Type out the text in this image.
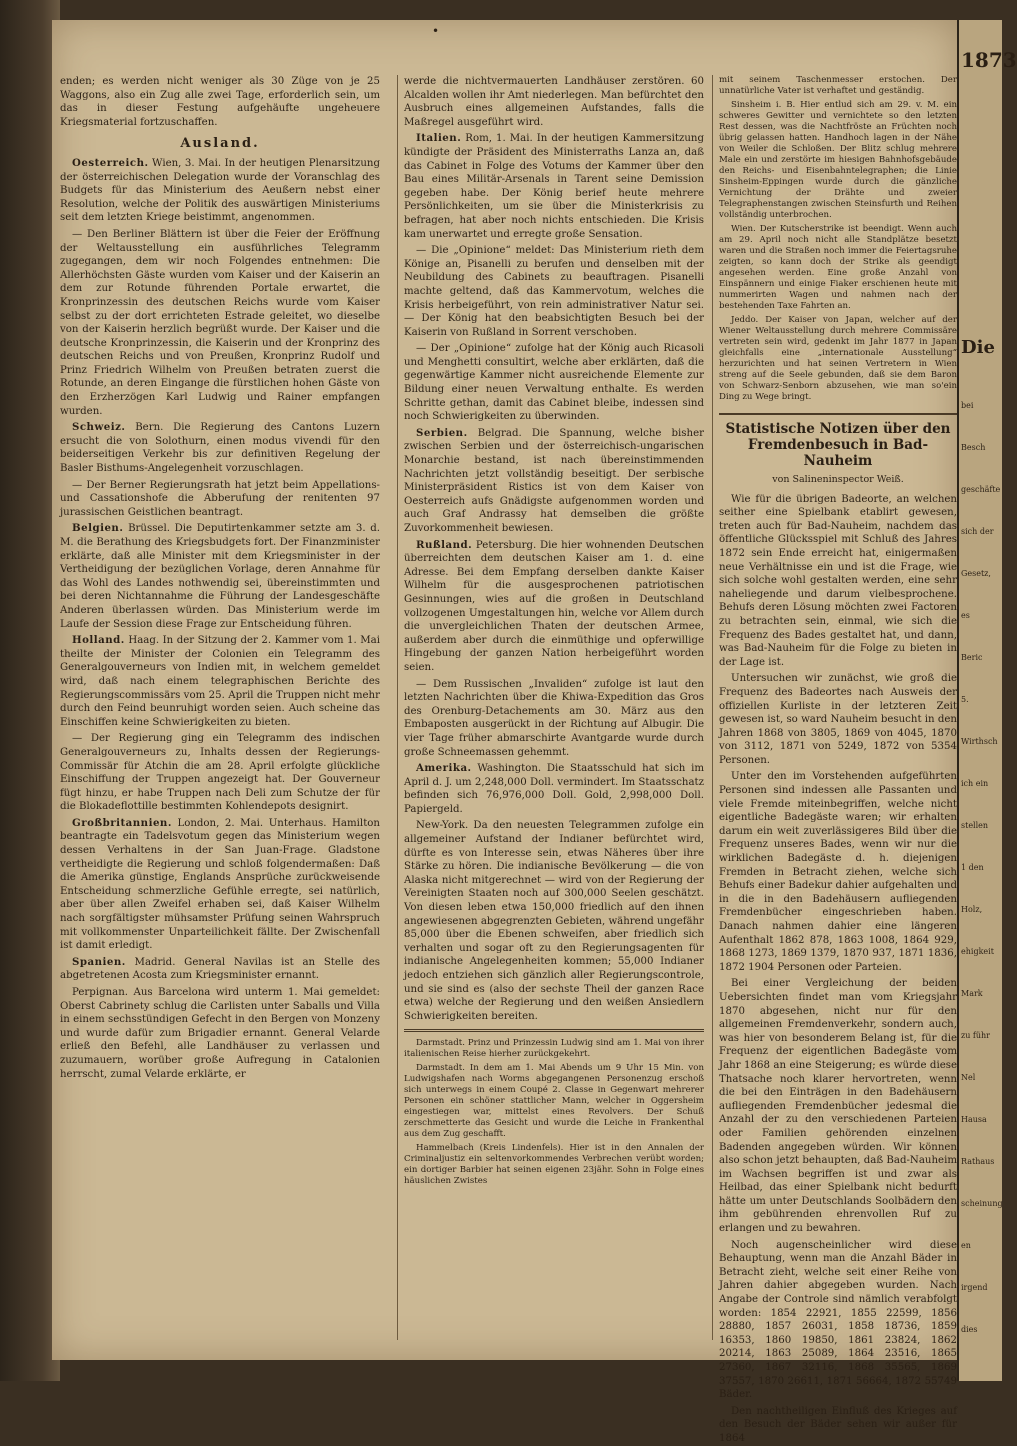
•

enden; es werden nicht weniger als 30 Züge von je 25 Waggons, also ein Zug alle zwei Tage, erforderlich sein, um das in dieser Festung aufgehäufte ungeheuere Kriegsmaterial fortzuschaffen.

Ausland.

Oesterreich. Wien, 3. Mai. In der heutigen Plenarsitzung der österreichischen Delegation wurde der Voranschlag des Budgets für das Ministerium des Aeußern nebst einer Resolution, welche der Politik des auswärtigen Ministeriums seit dem letzten Kriege beistimmt, angenommen.

— Den Berliner Blättern ist über die Feier der Eröffnung der Weltausstellung ein ausführliches Telegramm zugegangen, dem wir noch Folgendes entnehmen: Die Allerhöchsten Gäste wurden vom Kaiser und der Kaiserin an dem zur Rotunde führenden Portale erwartet, die Kronprinzessin des deutschen Reichs wurde vom Kaiser selbst zu der dort errichteten Estrade geleitet, wo dieselbe von der Kaiserin herzlich begrüßt wurde. Der Kaiser und die deutsche Kronprinzessin, die Kaiserin und der Kronprinz des deutschen Reichs und von Preußen, Kronprinz Rudolf und Prinz Friedrich Wilhelm von Preußen betraten zuerst die Rotunde, an deren Eingange die fürstlichen hohen Gäste von den Erzherzögen Karl Ludwig und Rainer empfangen wurden.

Schweiz. Bern. Die Regierung des Cantons Luzern ersucht die von Solothurn, einen modus vivendi für den beiderseitigen Verkehr bis zur definitiven Regelung der Basler Bisthums-Angelegenheit vorzuschlagen.

— Der Berner Regierungsrath hat jetzt beim Appellations- und Cassationshofe die Abberufung der renitenten 97 jurassischen Geistlichen beantragt.

Belgien. Brüssel. Die Deputirtenkammer setzte am 3. d. M. die Berathung des Kriegsbudgets fort. Der Finanzminister erklärte, daß alle Minister mit dem Kriegsminister in der Vertheidigung der bezüglichen Vorlage, deren Annahme für das Wohl des Landes nothwendig sei, übereinstimmten und bei deren Nichtannahme die Führung der Landesgeschäfte Anderen überlassen würden. Das Ministerium werde im Laufe der Session diese Frage zur Entscheidung führen.

Holland. Haag. In der Sitzung der 2. Kammer vom 1. Mai theilte der Minister der Colonien ein Telegramm des Generalgouverneurs von Indien mit, in welchem gemeldet wird, daß nach einem telegraphischen Berichte des Regierungscommissärs vom 25. April die Truppen nicht mehr durch den Feind beunruhigt worden seien. Auch scheine das Einschiffen keine Schwierigkeiten zu bieten.

— Der Regierung ging ein Telegramm des indischen Generalgouverneurs zu, Inhalts dessen der Regierungs-Commissär für Atchin die am 28. April erfolgte glückliche Einschiffung der Truppen angezeigt hat. Der Gouverneur fügt hinzu, er habe Truppen nach Deli zum Schutze der für die Blokadeflottille bestimmten Kohlendepots designirt.

Großbritannien. London, 2. Mai. Unterhaus. Hamilton beantragte ein Tadelsvotum gegen das Ministerium wegen dessen Verhaltens in der San Juan-Frage. Gladstone vertheidigte die Regierung und schloß folgendermaßen: Daß die Amerika günstige, Englands Ansprüche zurückweisende Entscheidung schmerzliche Gefühle erregte, sei natürlich, aber über allen Zweifel erhaben sei, daß Kaiser Wilhelm nach sorgfältigster mühsamster Prüfung seinen Wahrspruch mit vollkommenster Unparteilichkeit fällte. Der Zwischenfall ist damit erledigt.

Spanien. Madrid. General Navilas ist an Stelle des abgetretenen Acosta zum Kriegsminister ernannt.

Perpignan. Aus Barcelona wird unterm 1. Mai gemeldet: Oberst Cabrinety schlug die Carlisten unter Saballs und Villa in einem sechsstündigen Gefecht in den Bergen von Monzeny und wurde dafür zum Brigadier ernannt. General Velarde erließ den Befehl, alle Landhäuser zu verlassen und zuzumauern, worüber große Aufregung in Catalonien herrscht, zumal Velarde erklärte, er

werde die nichtvermauerten Landhäuser zerstören. 60 Alcalden wollen ihr Amt niederlegen. Man befürchtet den Ausbruch eines allgemeinen Aufstandes, falls die Maßregel ausgeführt wird.

Italien. Rom, 1. Mai. In der heutigen Kammersitzung kündigte der Präsident des Ministerraths Lanza an, daß das Cabinet in Folge des Votums der Kammer über den Bau eines Militär-Arsenals in Tarent seine Demission gegeben habe. Der König berief heute mehrere Persönlichkeiten, um sie über die Ministerkrisis zu befragen, hat aber noch nichts entschieden. Die Krisis kam unerwartet und erregte große Sensation.

— Die „Opinione“ meldet: Das Ministerium rieth dem Könige an, Pisanelli zu berufen und denselben mit der Neubildung des Cabinets zu beauftragen. Pisanelli machte geltend, daß das Kammervotum, welches die Krisis herbeigeführt, von rein administrativer Natur sei. — Der König hat den beabsichtigten Besuch bei der Kaiserin von Rußland in Sorrent verschoben.

— Der „Opinione“ zufolge hat der König auch Ricasoli und Menghetti consultirt, welche aber erklärten, daß die gegenwärtige Kammer nicht ausreichende Elemente zur Bildung einer neuen Verwaltung enthalte. Es werden Schritte gethan, damit das Cabinet bleibe, indessen sind noch Schwierigkeiten zu überwinden.

Serbien. Belgrad. Die Spannung, welche bisher zwischen Serbien und der österreichisch-ungarischen Monarchie bestand, ist nach übereinstimmenden Nachrichten jetzt vollständig beseitigt. Der serbische Ministerpräsident Ristics ist von dem Kaiser von Oesterreich aufs Gnädigste aufgenommen worden und auch Graf Andrassy hat demselben die größte Zuvorkommenheit bewiesen.

Rußland. Petersburg. Die hier wohnenden Deutschen überreichten dem deutschen Kaiser am 1. d. eine Adresse. Bei dem Empfang derselben dankte Kaiser Wilhelm für die ausgesprochenen patriotischen Gesinnungen, wies auf die großen in Deutschland vollzogenen Umgestaltungen hin, welche vor Allem durch die unvergleichlichen Thaten der deutschen Armee, außerdem aber durch die einmüthige und opferwillige Hingebung der ganzen Nation herbeigeführt worden seien.

— Dem Russischen „Invaliden“ zufolge ist laut den letzten Nachrichten über die Khiwa-Expedition das Gros des Orenburg-Detachements am 30. März aus den Embaposten ausgerückt in der Richtung auf Albugir. Die vier Tage früher abmarschirte Avantgarde wurde durch große Schneemassen gehemmt.

Amerika. Washington. Die Staatsschuld hat sich im April d. J. um 2,248,000 Doll. vermindert. Im Staatsschatz befinden sich 76,976,000 Doll. Gold, 2,998,000 Doll. Papiergeld.

New-York. Da den neuesten Telegrammen zufolge ein allgemeiner Aufstand der Indianer befürchtet wird, dürfte es von Interesse sein, etwas Näheres über ihre Stärke zu hören. Die indianische Bevölkerung — die von Alaska nicht mitgerechnet — wird von der Regierung der Vereinigten Staaten noch auf 300,000 Seelen geschätzt. Von diesen leben etwa 150,000 friedlich auf den ihnen angewiesenen abgegrenzten Gebieten, während ungefähr 85,000 über die Ebenen schweifen, aber friedlich sich verhalten und sogar oft zu den Regierungsagenten für indianische Angelegenheiten kommen; 55,000 Indianer jedoch entziehen sich gänzlich aller Regierungscontrole, und sie sind es (also der sechste Theil der ganzen Race etwa) welche der Regierung und den weißen Ansiedlern Schwierigkeiten bereiten.

Darmstadt. Prinz und Prinzessin Ludwig sind am 1. Mai von ihrer italienischen Reise hierher zurückgekehrt.

Darmstadt. In dem am 1. Mai Abends um 9 Uhr 15 Min. von Ludwigshafen nach Worms abgegangenen Personenzug erschoß sich unterwegs in einem Coupé 2. Classe in Gegenwart mehrerer Personen ein schöner stattlicher Mann, welcher in Oggersheim eingestiegen war, mittelst eines Revolvers. Der Schuß zerschmetterte das Gesicht und wurde die Leiche in Frankenthal aus dem Zug geschafft.

Hammelbach (Kreis Lindenfels). Hier ist in den Annalen der Criminaljustiz ein seltenvorkommendes Verbrechen verübt worden; ein dortiger Barbier hat seinen eigenen 23jähr. Sohn in Folge eines häuslichen Zwistes

mit seinem Taschenmesser erstochen. Der unnatürliche Vater ist verhaftet und geständig.

Sinsheim i. B. Hier entlud sich am 29. v. M. ein schweres Gewitter und vernichtete so den letzten Rest dessen, was die Nachtfröste an Früchten noch übrig gelassen hatten. Handhoch lagen in der Nähe von Weiler die Schloßen. Der Blitz schlug mehrere Male ein und zerstörte im hiesigen Bahnhofsgebäude den Reichs- und Eisenbahntelegraphen; die Linie Sinsheim-Eppingen wurde durch die gänzliche Vernichtung der Drähte und zweier Telegraphenstangen zwischen Steinsfurth und Reihen vollständig unterbrochen.

Wien. Der Kutscherstrike ist beendigt. Wenn auch am 29. April noch nicht alle Standplätze besetzt waren und die Straßen noch immer die Feiertagsruhe zeigten, so kann doch der Strike als geendigt angesehen werden. Eine große Anzahl von Einspännern und einige Fiaker erschienen heute mit nummerirten Wagen und nahmen nach der bestehenden Taxe Fahrten an.

Jeddo. Der Kaiser von Japan, welcher auf der Wiener Weltausstellung durch mehrere Commissäre vertreten sein wird, gedenkt im Jahr 1877 in Japan gleichfalls eine „internationale Ausstellung“ herzurichten und hat seinen Vertretern in Wien streng auf die Seele gebunden, daß sie dem Baron von Schwarz-Senborn abzusehen, wie man so'ein Ding zu Wege bringt.

Statistische Notizen über den Fremdenbesuch in Bad-Nauheim
von Salineninspector Weiß.

Wie für die übrigen Badeorte, an welchen seither eine Spielbank etablirt gewesen, treten auch für Bad-Nauheim, nachdem das öffentliche Glücksspiel mit Schluß des Jahres 1872 sein Ende erreicht hat, einigermaßen neue Verhältnisse ein und ist die Frage, wie sich solche wohl gestalten werden, eine sehr naheliegende und darum vielbesprochene. Behufs deren Lösung möchten zwei Factoren zu betrachten sein, einmal, wie sich die Frequenz des Bades gestaltet hat, und dann, was Bad-Nauheim für die Folge zu bieten in der Lage ist.

Untersuchen wir zunächst, wie groß die Frequenz des Badeortes nach Ausweis der offiziellen Kurliste in der letzteren Zeit gewesen ist, so ward Nauheim besucht in den Jahren 1868 von 3805, 1869 von 4045, 1870 von 3112, 1871 von 5249, 1872 von 5354 Personen.

Unter den im Vorstehenden aufgeführten Personen sind indessen alle Passanten und viele Fremde miteinbegriffen, welche nicht eigentliche Badegäste waren; wir erhalten darum ein weit zuverlässigeres Bild über die Frequenz unseres Bades, wenn wir nur die wirklichen Badegäste d. h. diejenigen Fremden in Betracht ziehen, welche sich Behufs einer Badekur dahier aufgehalten und in die in den Badehäusern aufliegenden Fremdenbücher eingeschrieben haben. Danach nahmen dahier eine längeren Aufenthalt 1862 878, 1863 1008, 1864 929, 1868 1273, 1869 1379, 1870 937, 1871 1836, 1872 1904 Personen oder Parteien.

Bei einer Vergleichung der beiden Uebersichten findet man vom Kriegsjahr 1870 abgesehen, nicht nur für den allgemeinen Fremdenverkehr, sondern auch, was hier von besonderem Belang ist, für die Frequenz der eigentlichen Badegäste vom Jahr 1868 an eine Steigerung; es würde diese Thatsache noch klarer hervortreten, wenn die bei den Einträgen in den Badehäusern aufliegenden Fremdenbücher jedesmal die Anzahl der zu den verschiedenen Parteien oder Familien gehörenden einzelnen Badenden angegeben würden. Wir können also schon jetzt behaupten, daß Bad-Nauheim im Wachsen begriffen ist und zwar als Heilbad, das einer Spielbank nicht bedurft hätte um unter Deutschlands Soolbädern den ihm gebührenden ehrenvollen Ruf zu erlangen und zu bewahren.

Noch augenscheinlicher wird diese Behauptung, wenn man die Anzahl Bäder in Betracht zieht, welche seit einer Reihe von Jahren dahier abgegeben wurden. Nach Angabe der Controle sind nämlich verabfolgt worden: 1854 22921, 1855 22599, 1856 28880, 1857 26031, 1858 18736, 1859 16353, 1860 19850, 1861 23824, 1862 20214, 1863 25089, 1864 23516, 1865 27360, 1867 32116, 1868 35565, 1869 37557, 1870 26611, 1871 56664, 1872 55749 Bäder.

Den nachtheiligen Einfluß des Krieges auf den Besuch der Bäder sehen wir außer für 1864

1873
Die
bei
Besch
geschäfte
sich der
Gesetz,
es
Beric
5.
Wirthsch
ich ein
stellen
1 den
Holz,
ehigkeit
Mark
zu führ
Nel
Hausa
Rathaus
scheinung
en
irgend
dies
